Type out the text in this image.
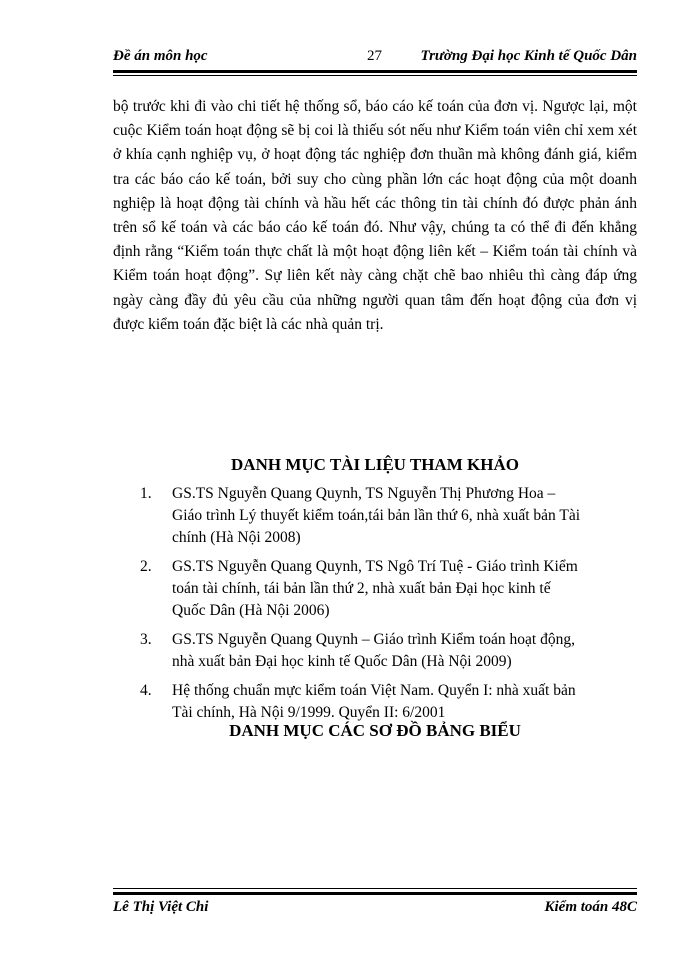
Đề án môn học	27	Trường Đại học Kinh tế Quốc Dân

bộ trước khi đi vào chi tiết hệ thống sổ, báo cáo kế toán của đơn vị. Ngược lại, một cuộc Kiểm toán hoạt động sẽ bị coi là thiếu sót nếu như Kiểm toán viên chỉ xem xét ở khía cạnh nghiệp vụ, ở hoạt động tác nghiệp đơn thuần mà không đánh giá, kiểm tra các báo cáo kế toán, bởi suy cho cùng phần lớn các hoạt động của một doanh nghiệp là hoạt động tài chính và hầu hết các thông tin tài chính đó được phản ánh trên sổ kế toán và các báo cáo kế toán đó. Như vậy, chúng ta có thể đi đến khẳng định rằng “Kiểm toán thực chất là một hoạt động liên kết – Kiểm toán tài chính và Kiểm toán hoạt động”. Sự liên kết này càng chặt chẽ bao nhiêu thì càng đáp ứng ngày càng đầy đủ yêu cầu của những người quan tâm đến hoạt động của đơn vị được kiểm toán đặc biệt là các nhà quản trị.

DANH MỤC TÀI LIỆU THAM KHẢO
1. GS.TS Nguyễn Quang Quynh, TS Nguyễn Thị Phương Hoa – Giáo trình Lý thuyết kiểm toán,tái bản lần thứ 6, nhà xuất bản Tài chính (Hà Nội 2008)
2. GS.TS Nguyễn Quang Quynh, TS Ngô Trí Tuệ - Giáo trình Kiểm toán tài chính, tái bản lần thứ 2, nhà xuất bản Đại học kinh tế Quốc Dân (Hà Nội 2006)
3. GS.TS Nguyễn Quang Quynh – Giáo trình Kiểm toán hoạt động, nhà xuất bản Đại học kinh tế Quốc Dân (Hà Nội 2009)
4. Hệ thống chuẩn mực kiểm toán Việt Nam. Quyển I: nhà xuất bản Tài chính, Hà Nội 9/1999. Quyển II: 6/2001
DANH MỤC CÁC SƠ ĐỒ BẢNG BIỂU
Lê Thị Việt Chi	Kiểm toán 48C
